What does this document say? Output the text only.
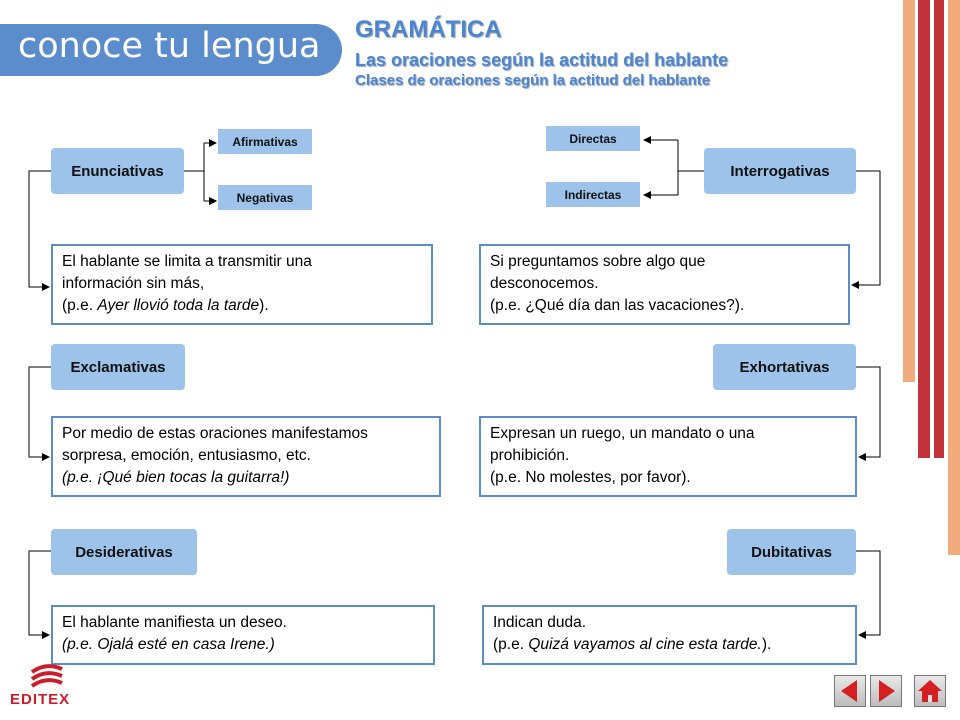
conoce tu lengua GRAMÁTICA
Las oraciones según la actitud del hablante
Clases de oraciones según la actitud del hablante
Enunciativas
Afirmativas
Negativas
El hablante se limita a transmitir una
información sin más,
(p.e. Ayer llovió toda la tarde).
Interrogativas
Directas
Indirectas
Si preguntamos sobre algo que
desconocemos.
(p.e. ¿Qué día dan las vacaciones?).
Exclamativas
Por medio de estas oraciones manifestamos
sorpresa, emoción, entusiasmo, etc.
(p.e. ¡Qué bien tocas la guitarra!)
Exhortativas
Expresan un ruego, un mandato o una
prohibición.
(p.e. No molestes, por favor).
Desiderativas
El hablante manifiesta un deseo.
(p.e. Ojalá esté en casa Irene.)
Dubitativas
Indican duda.
(p.e. Quizá vayamos al cine esta tarde.).
EDITEX
